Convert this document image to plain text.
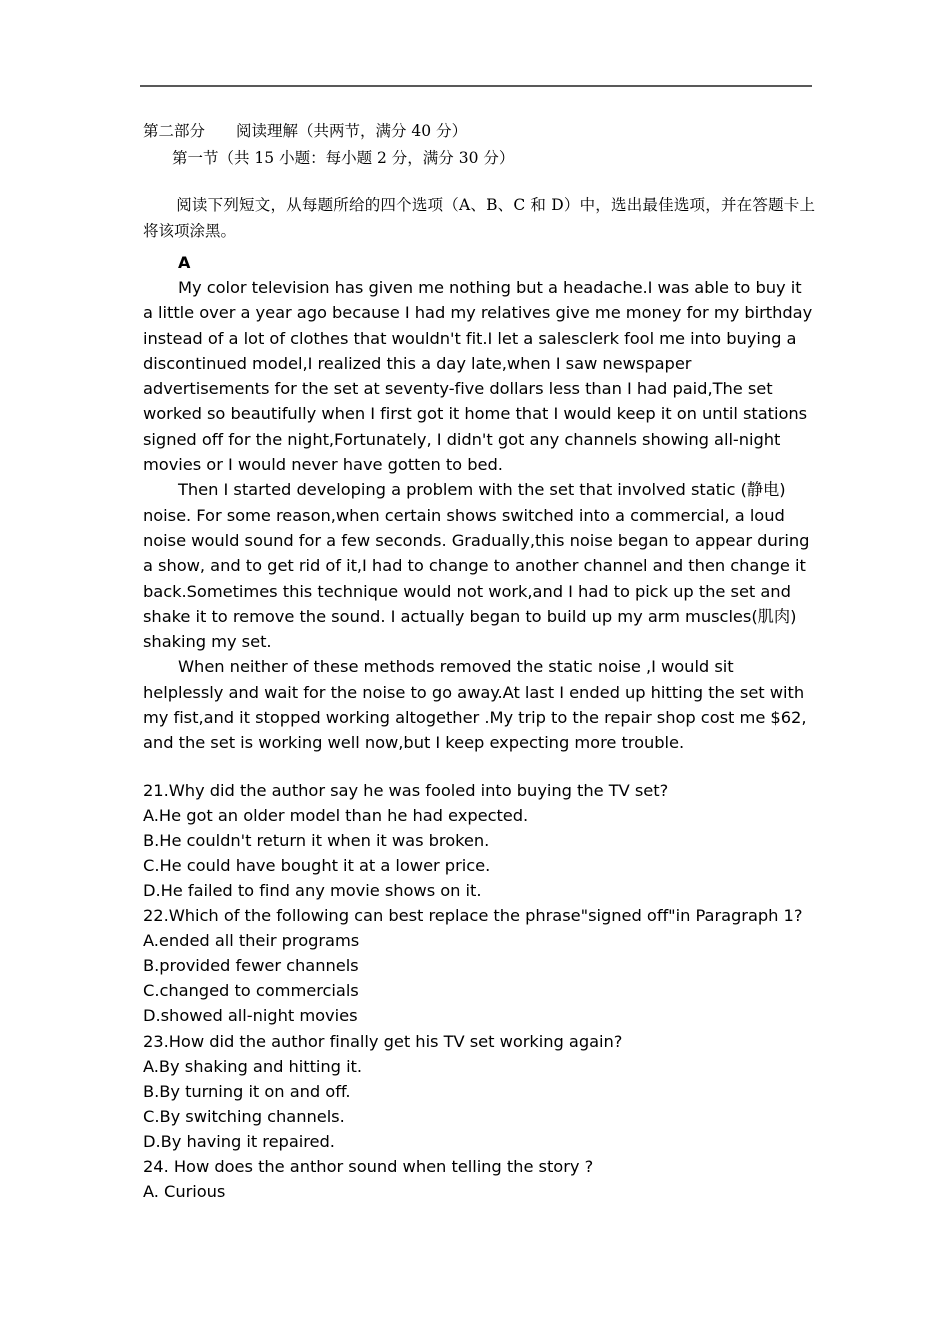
第二部分　　阅读理解（共两节，满分 40 分）
第一节（共 15 小题：每小题 2 分，满分 30 分）
阅读下列短文，从每题所给的四个选项（A、B、C 和 D）中，选出最佳选项，并在答题卡上将该项涂黑。
A

My color television has given me nothing but a headache.I was able to buy it a little over a year ago because I had my relatives give me money for my birthday instead of a lot of clothes that wouldn't fit.I let a salesclerk fool me into buying a discontinued model,I realized this a day late,when I saw newspaper advertisements for the set at seventy-five dollars less than I had paid,The set worked so beautifully when I first got it home that I would keep it on until stations signed off for the night,Fortunately, I didn't got any channels showing all-night movies or I would never have gotten to bed.

Then I started developing a problem with the set that involved static (静电) noise. For some reason,when certain shows switched into a commercial, a loud noise would sound for a few seconds. Gradually,this noise began to appear during a show, and to get rid of it,I had to change to another channel and then change it back.Sometimes this technique would not work,and I had to pick up the set and shake it to remove the sound. I actually began to build up my arm muscles(肌肉) shaking my set.

When neither of these methods removed the static noise ,I would sit helplessly and wait for the noise to go away.At last I ended up hitting the set with my fist,and it stopped working altogether .My trip to the repair shop cost me $62, and the set is working well now,but I keep expecting more trouble.

21.Why did the author say he was fooled into buying the TV set?

A.He got an older model than he had expected.

B.He couldn't return it when it was broken.

C.He could have bought it at a lower price.

D.He failed to find any movie shows on it.

22.Which of the following can best replace the phrase"signed off"in Paragraph 1?

A.ended all their programs

B.provided fewer channels

C.changed to commercials

D.showed all-night movies

23.How did the author finally get his TV set working again?

A.By shaking and hitting it.

B.By turning it on and off.

C.By switching channels.

D.By having it repaired.

24. How does the anthor sound when telling the story ?

A. Curious
